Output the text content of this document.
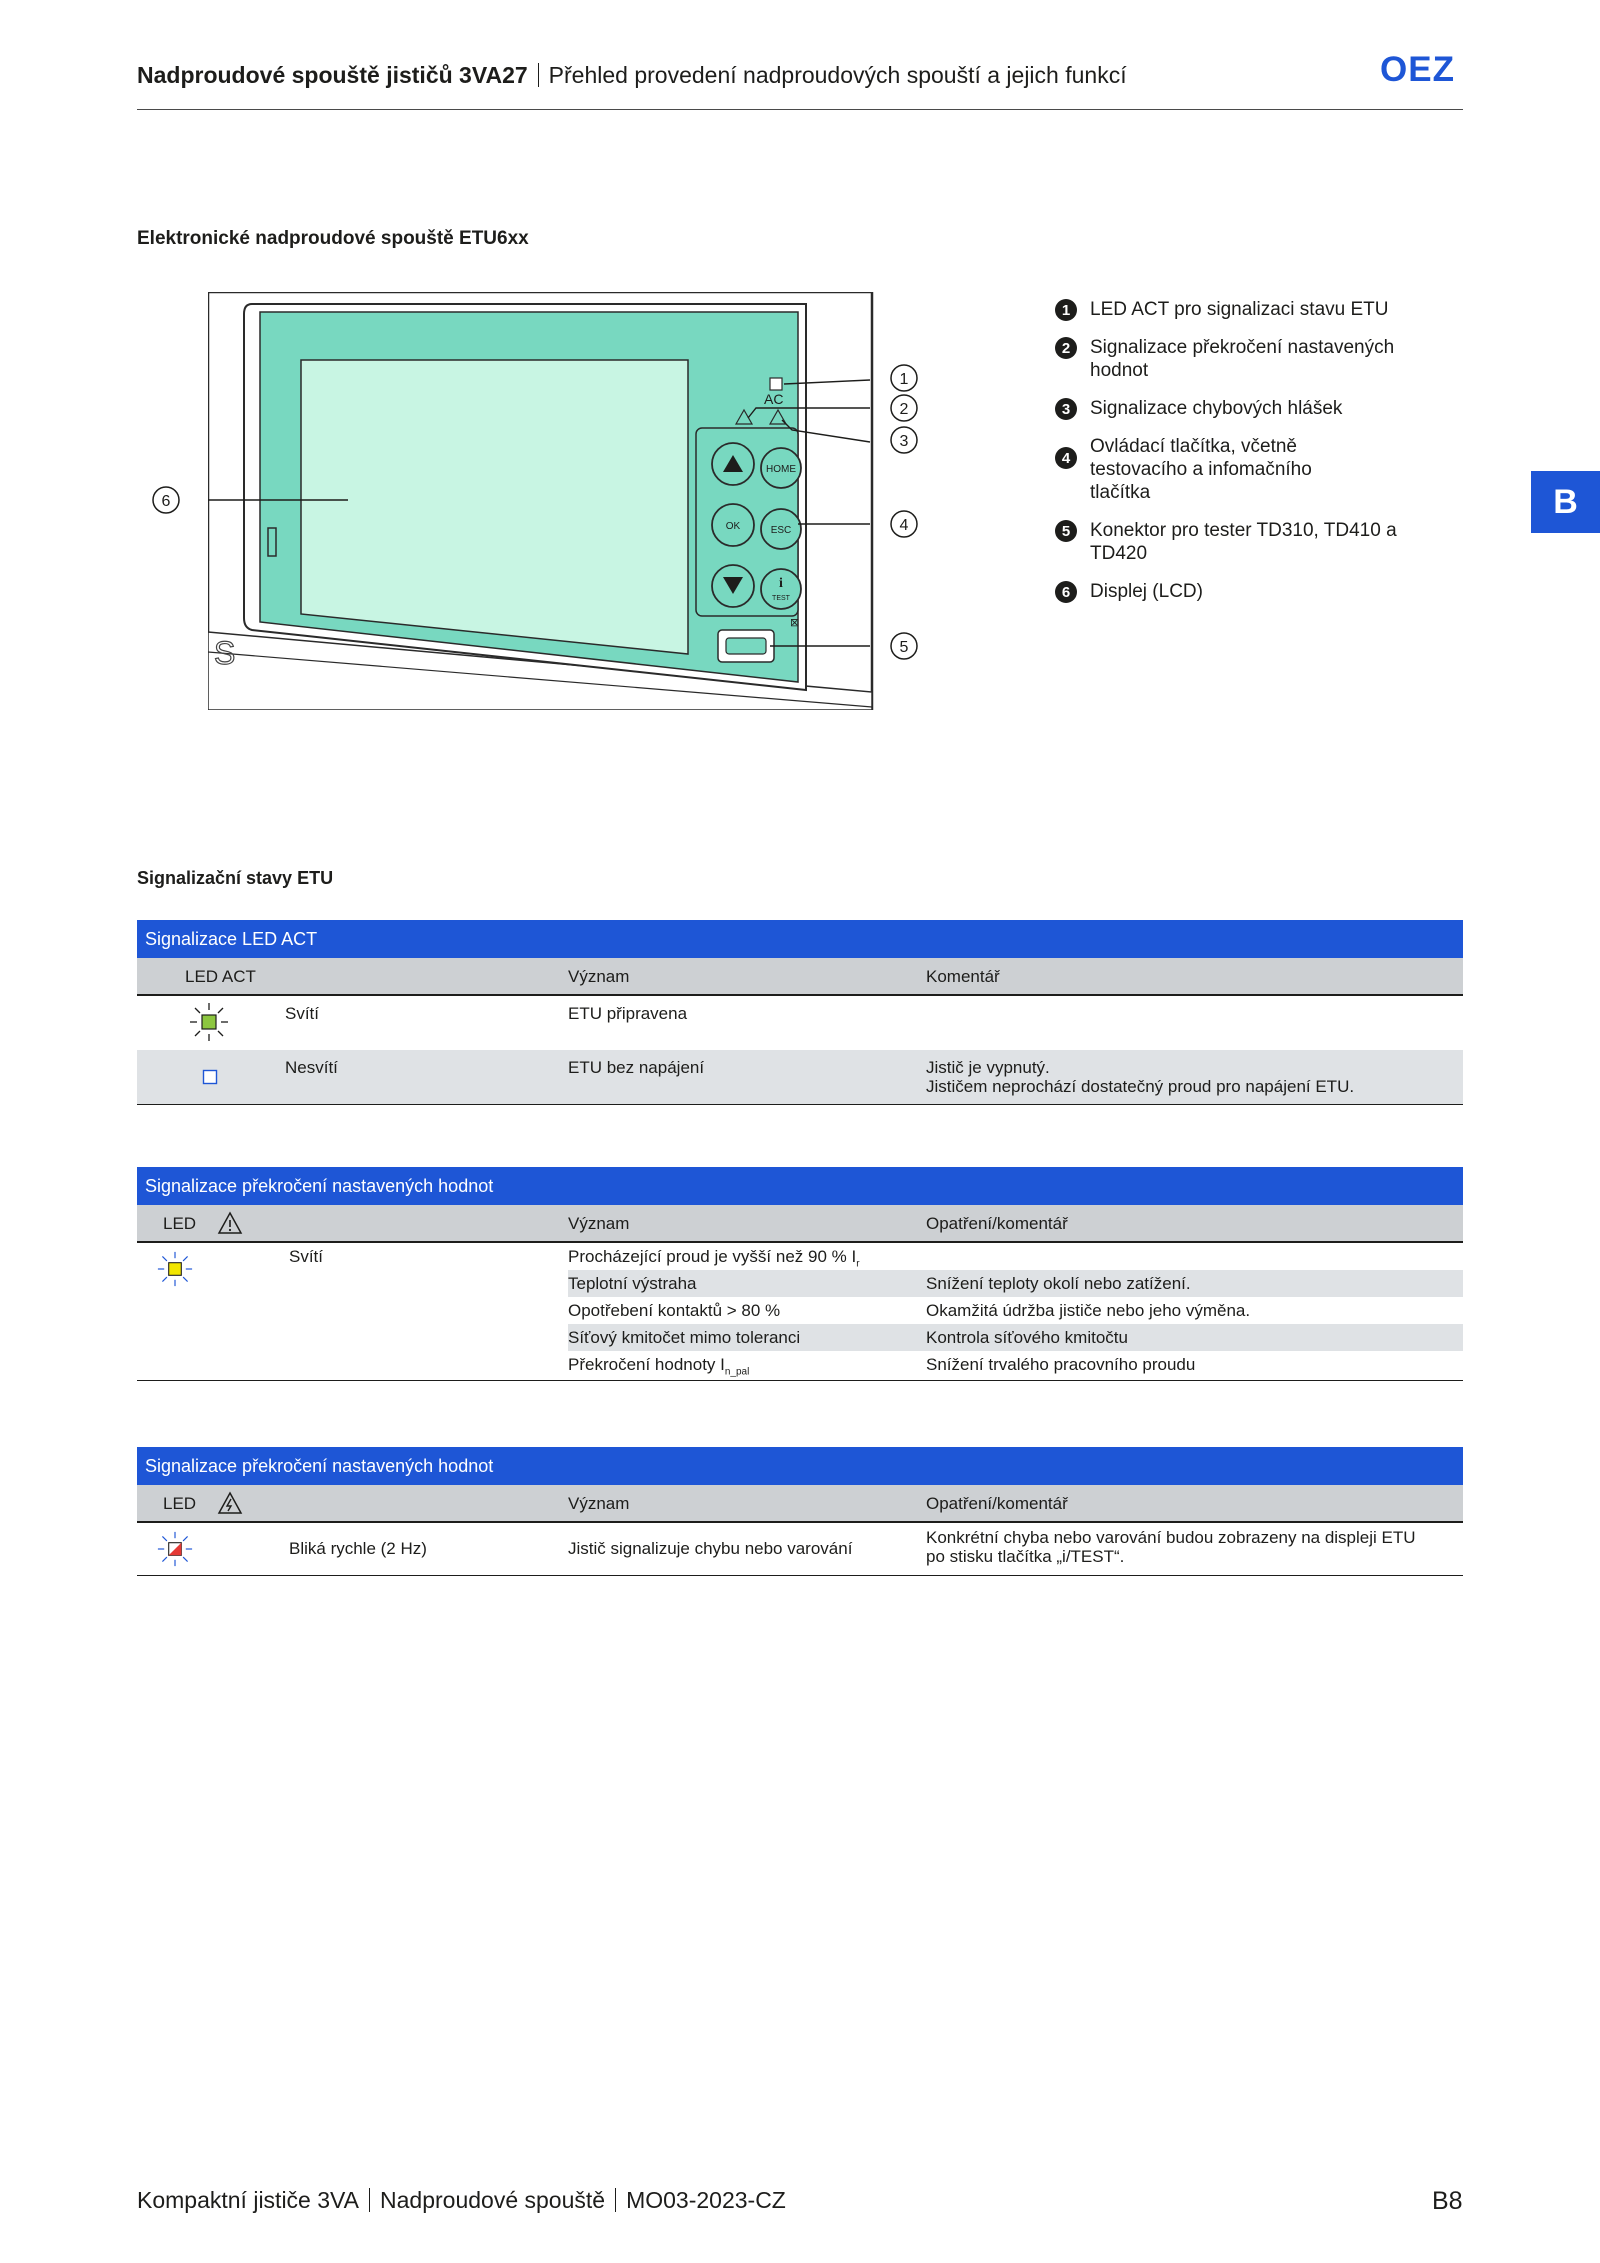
Nadproudové spouště jističů 3VA27 Přehled provedení nadproudových spouští a jejich funkcí	OEZ
B
Elektronické nadproudové spouště ETU6xx
S
AC
HOME
OK	ESC
i
TEST
⊠
1
2
3
4
5
6
1	LED ACT pro signalizaci stavu ETU
2	Signalizace překročení nastavených hodnot
3	Signalizace chybových hlášek
4
Ovládací tlačítka, včetně testovacího a infomačního tlačítka
5	Konektor pro tester TD310, TD410 a TD420
6	Displej (LCD)
Signalizační stavy ETU
Signalizace LED ACT
LED ACT	Význam	Komentář
Svítí	ETU připravena
Nesvítí	ETU bez napájení	Jistič je vypnutý.
Jističem neprochází dostatečný proud pro napájení ETU.
Signalizace překročení nastavených hodnot
LED	Význam	Opatření/komentář
Svítí	Procházející proud je vyšší než 90 % $I_r$
Teplotní výstraha	Snížení teploty okolí nebo zatížení.
Opotřebení kontaktů > 80 %	Okamžitá údržba jističe nebo jeho výměna.
Síťový kmitočet mimo toleranci	Kontrola síťového kmitočtu
Překročení hodnoty $I_{n\_pal}$	Snížení trvalého pracovního proudu
Signalizace překročení nastavených hodnot
LED	Význam	Opatření/komentář
Bliká rychle (2 Hz)	Jistič signalizuje chybu nebo varování
Konkrétní chyba nebo varování budou zobrazeny na displeji ETU
po stisku tlačítka „i/TEST“.
Kompaktní jističe 3VA Nadproudové spouště MO03-2023-CZ	B8
